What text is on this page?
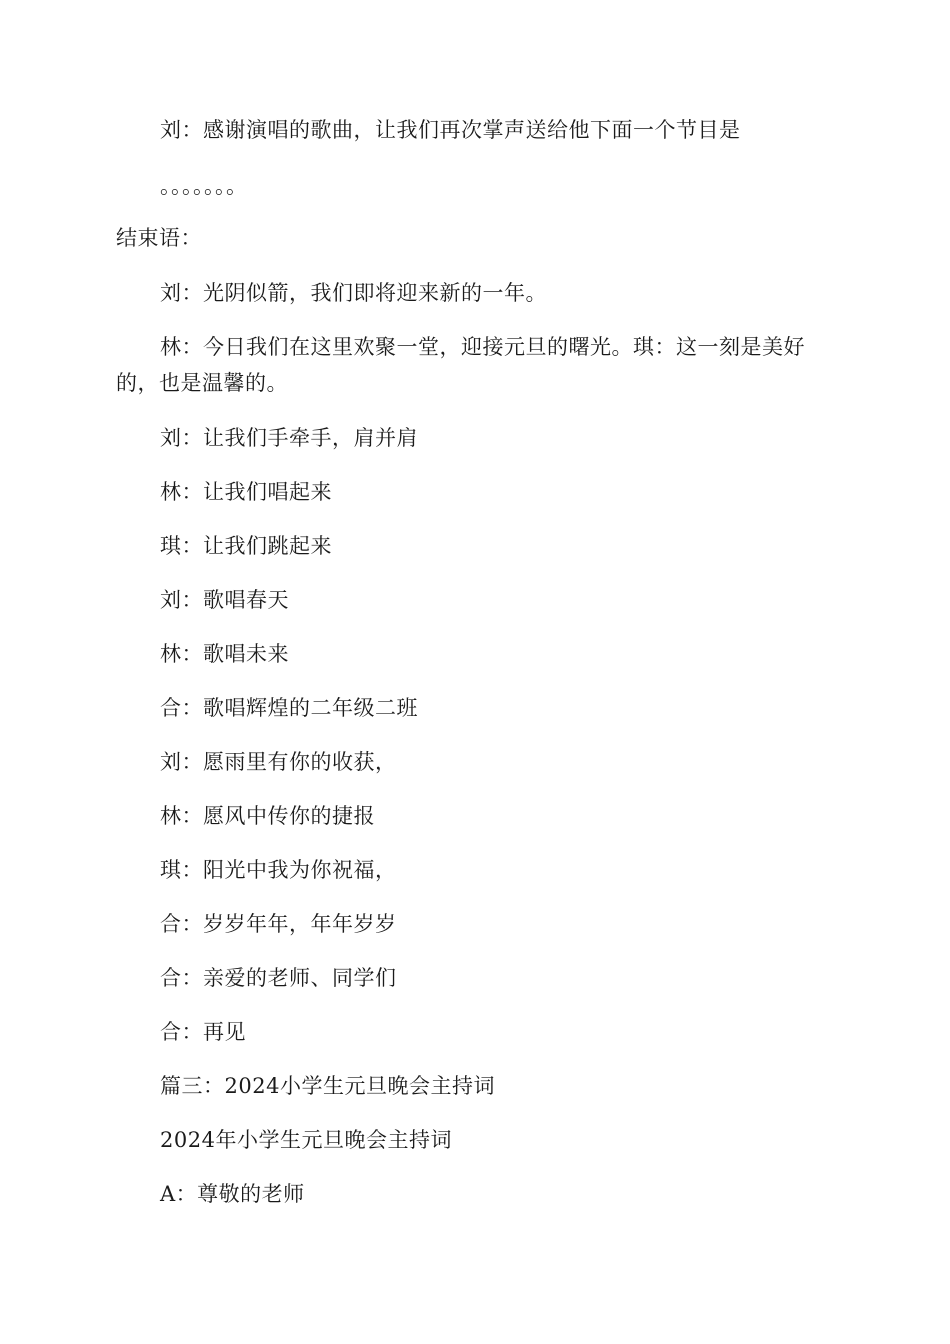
刘：感谢演唱的歌曲，让我们再次掌声送给他下面一个节目是
。。。。。。。
结束语：
刘：光阴似箭，我们即将迎来新的一年。
林：今日我们在这里欢聚一堂，迎接元旦的曙光。琪：这一刻是美好的，也是温馨的。
刘：让我们手牵手，肩并肩
林：让我们唱起来
琪：让我们跳起来
刘：歌唱春天
林：歌唱未来
合：歌唱辉煌的二年级二班
刘：愿雨里有你的收获，
林：愿风中传你的捷报
琪：阳光中我为你祝福，
合：岁岁年年，年年岁岁
合：亲爱的老师、同学们
合：再见
篇三：2024小学生元旦晚会主持词
2024年小学生元旦晚会主持词
A：尊敬的老师
